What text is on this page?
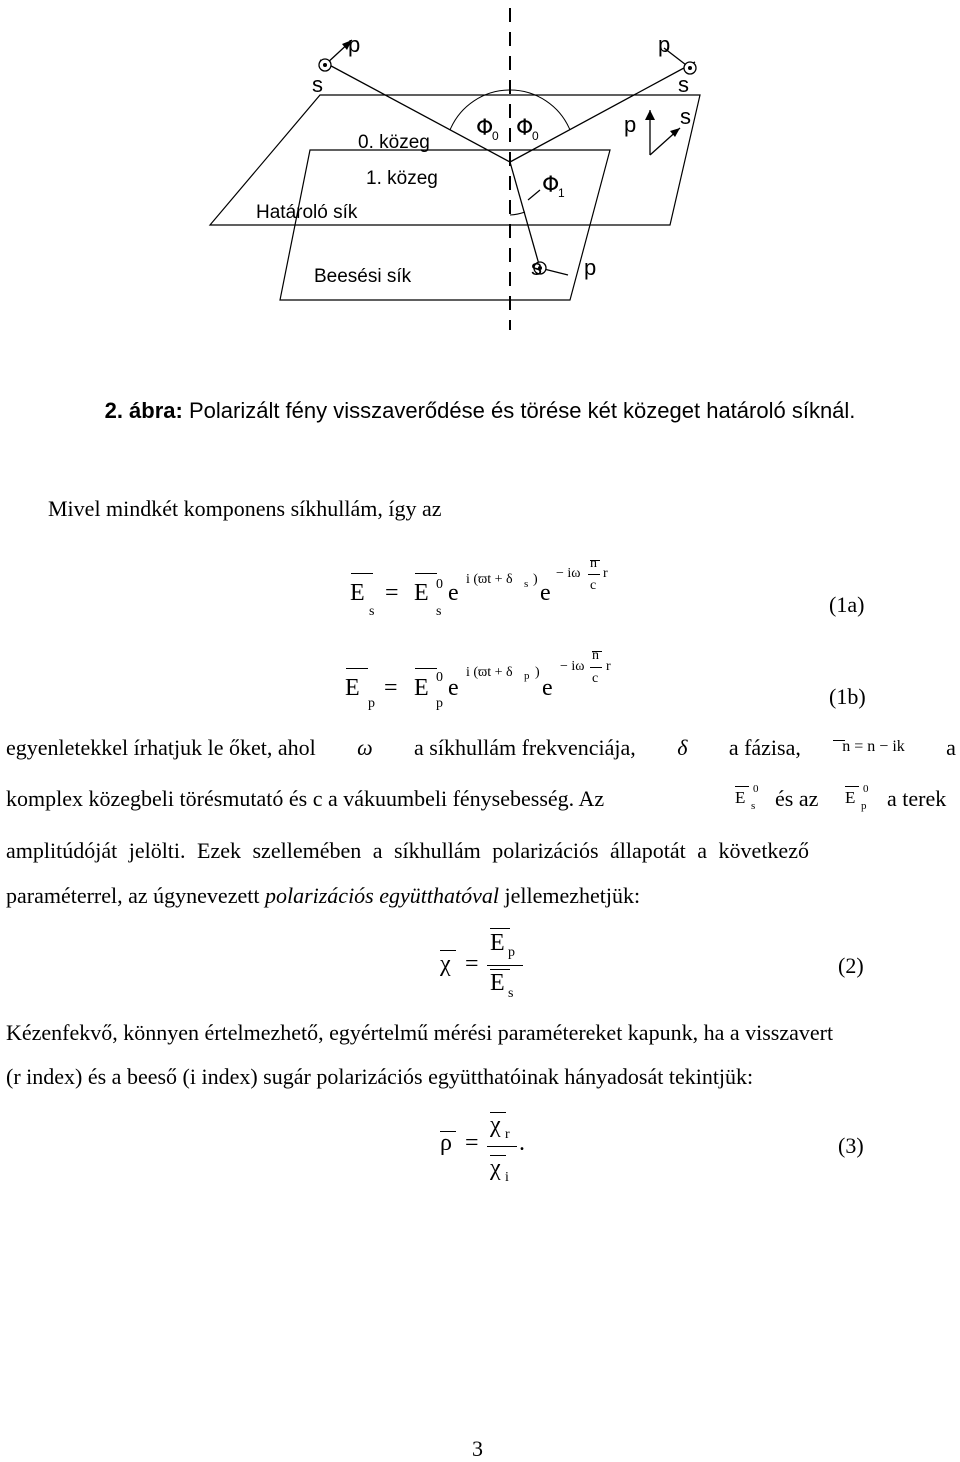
p
s
p
s
p s
s p
Φ
0 Φ
0
Φ
1
0. közeg
1. közeg
Határoló sík
Beesési sík
2. ábra: Polarizált fény visszaverődése és törése két közeget határoló síknál.
Mivel mindkét komponens síkhullám, így az
E
s
= E 0
s
e
i (ϖt + δ s )
e
− iω
n
c
r
(1a)
E
p
= E 0
p
e
i (ϖt + δ p )
e
− iω
n
c
r
(1b)
egyenletekkel írhatjuk le őket, ahol ω a síkhullám frekvenciája, δ a fázisa,	n = n − ik a
komplex közegbeli törésmutató és c a vákuumbeli fénysebesség. Az	E 0
s	E 0
p
és az	a terek
amplitúdóját jelölti. Ezek szellemében a síkhullám polarizációs állapotát a következő
paraméterrel, az úgynevezett polarizációs együtthatóval jellemezhetjük:
χ =
E p
E s
(2)
Kézenfekvő, könnyen értelmezhető, egyértelmű mérési paramétereket kapunk, ha a visszavert
(r index) és a beeső (i index) sugár polarizációs együtthatóinak hányadosát tekintjük:
ρ =
χ r
χ i
.	(3)
3
